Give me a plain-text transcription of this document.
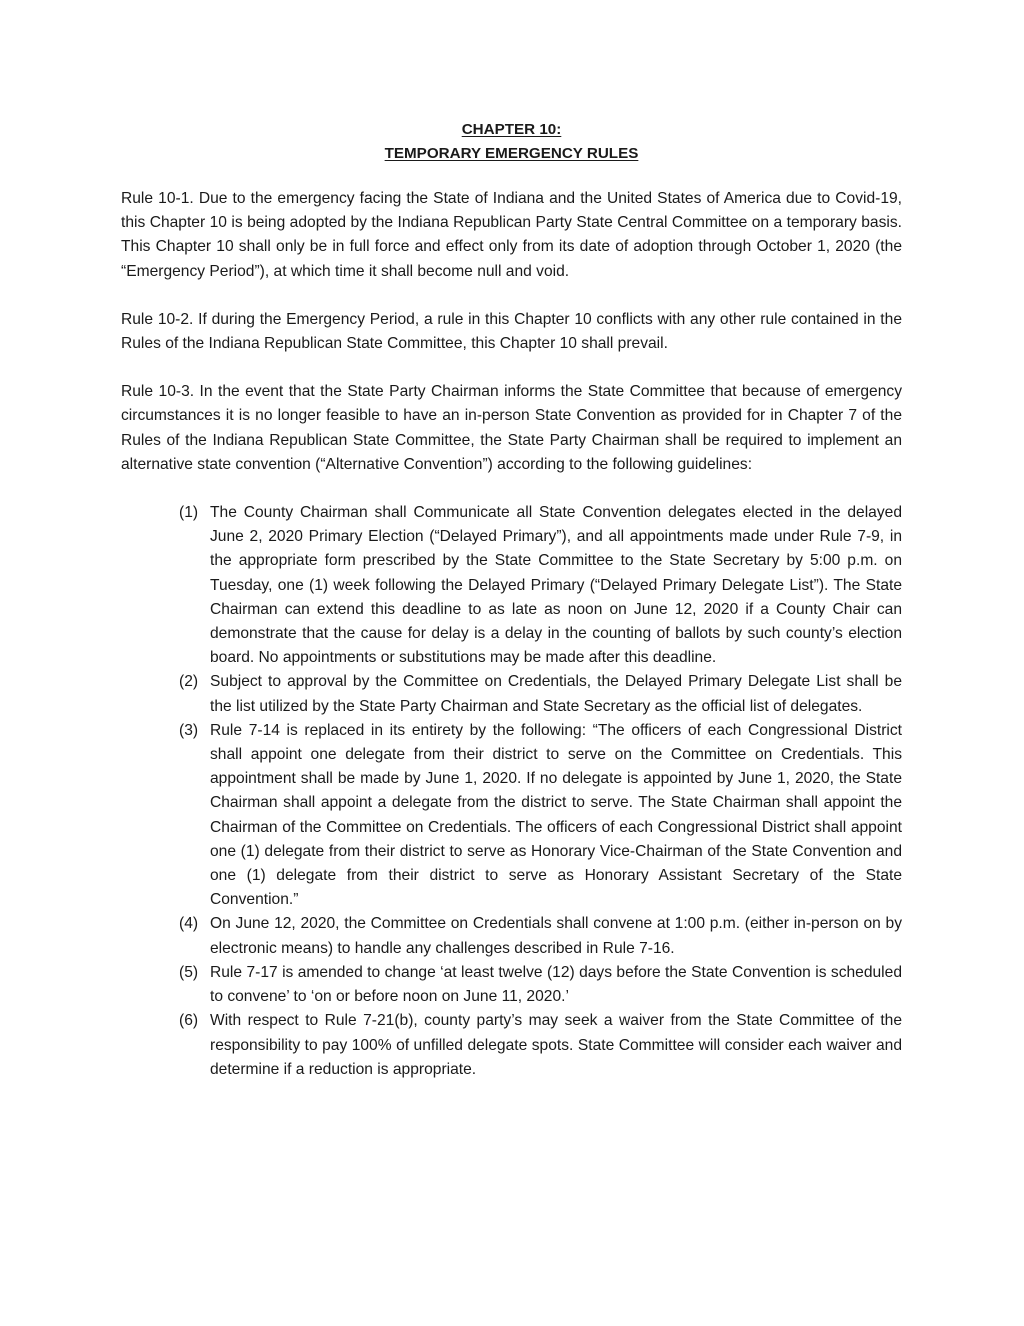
CHAPTER 10:
TEMPORARY EMERGENCY RULES

Rule 10-1. Due to the emergency facing the State of Indiana and the United States of America due to Covid-19, this Chapter 10 is being adopted by the Indiana Republican Party State Central Committee on a temporary basis. This Chapter 10 shall only be in full force and effect only from its date of adoption through October 1, 2020 (the “Emergency Period”), at which time it shall become null and void.

Rule 10-2. If during the Emergency Period, a rule in this Chapter 10 conflicts with any other rule contained in the Rules of the Indiana Republican State Committee, this Chapter 10 shall prevail.

Rule 10-3. In the event that the State Party Chairman informs the State Committee that because of emergency circumstances it is no longer feasible to have an in-person State Convention as provided for in Chapter 7 of the Rules of the Indiana Republican State Committee, the State Party Chairman shall be required to implement an alternative state convention (“Alternative Convention”) according to the following guidelines:

(1) The County Chairman shall Communicate all State Convention delegates elected in the delayed June 2, 2020 Primary Election (“Delayed Primary”), and all appointments made under Rule 7-9, in the appropriate form prescribed by the State Committee to the State Secretary by 5:00 p.m. on Tuesday, one (1) week following the Delayed Primary (“Delayed Primary Delegate List”). The State Chairman can extend this deadline to as late as noon on June 12, 2020 if a County Chair can demonstrate that the cause for delay is a delay in the counting of ballots by such county’s election board. No appointments or substitutions may be made after this deadline.
(2) Subject to approval by the Committee on Credentials, the Delayed Primary Delegate List shall be the list utilized by the State Party Chairman and State Secretary as the official list of delegates.
(3) Rule 7-14 is replaced in its entirety by the following: “The officers of each Congressional District shall appoint one delegate from their district to serve on the Committee on Credentials. This appointment shall be made by June 1, 2020. If no delegate is appointed by June 1, 2020, the State Chairman shall appoint a delegate from the district to serve. The State Chairman shall appoint the Chairman of the Committee on Credentials. The officers of each Congressional District shall appoint one (1) delegate from their district to serve as Honorary Vice-Chairman of the State Convention and one (1) delegate from their district to serve as Honorary Assistant Secretary of the State Convention.”
(4) On June 12, 2020, the Committee on Credentials shall convene at 1:00 p.m. (either in-person on by electronic means) to handle any challenges described in Rule 7-16.
(5) Rule 7-17 is amended to change ‘at least twelve (12) days before the State Convention is scheduled to convene’ to ‘on or before noon on June 11, 2020.’
(6) With respect to Rule 7-21(b), county party’s may seek a waiver from the State Committee of the responsibility to pay 100% of unfilled delegate spots. State Committee will consider each waiver and determine if a reduction is appropriate.
